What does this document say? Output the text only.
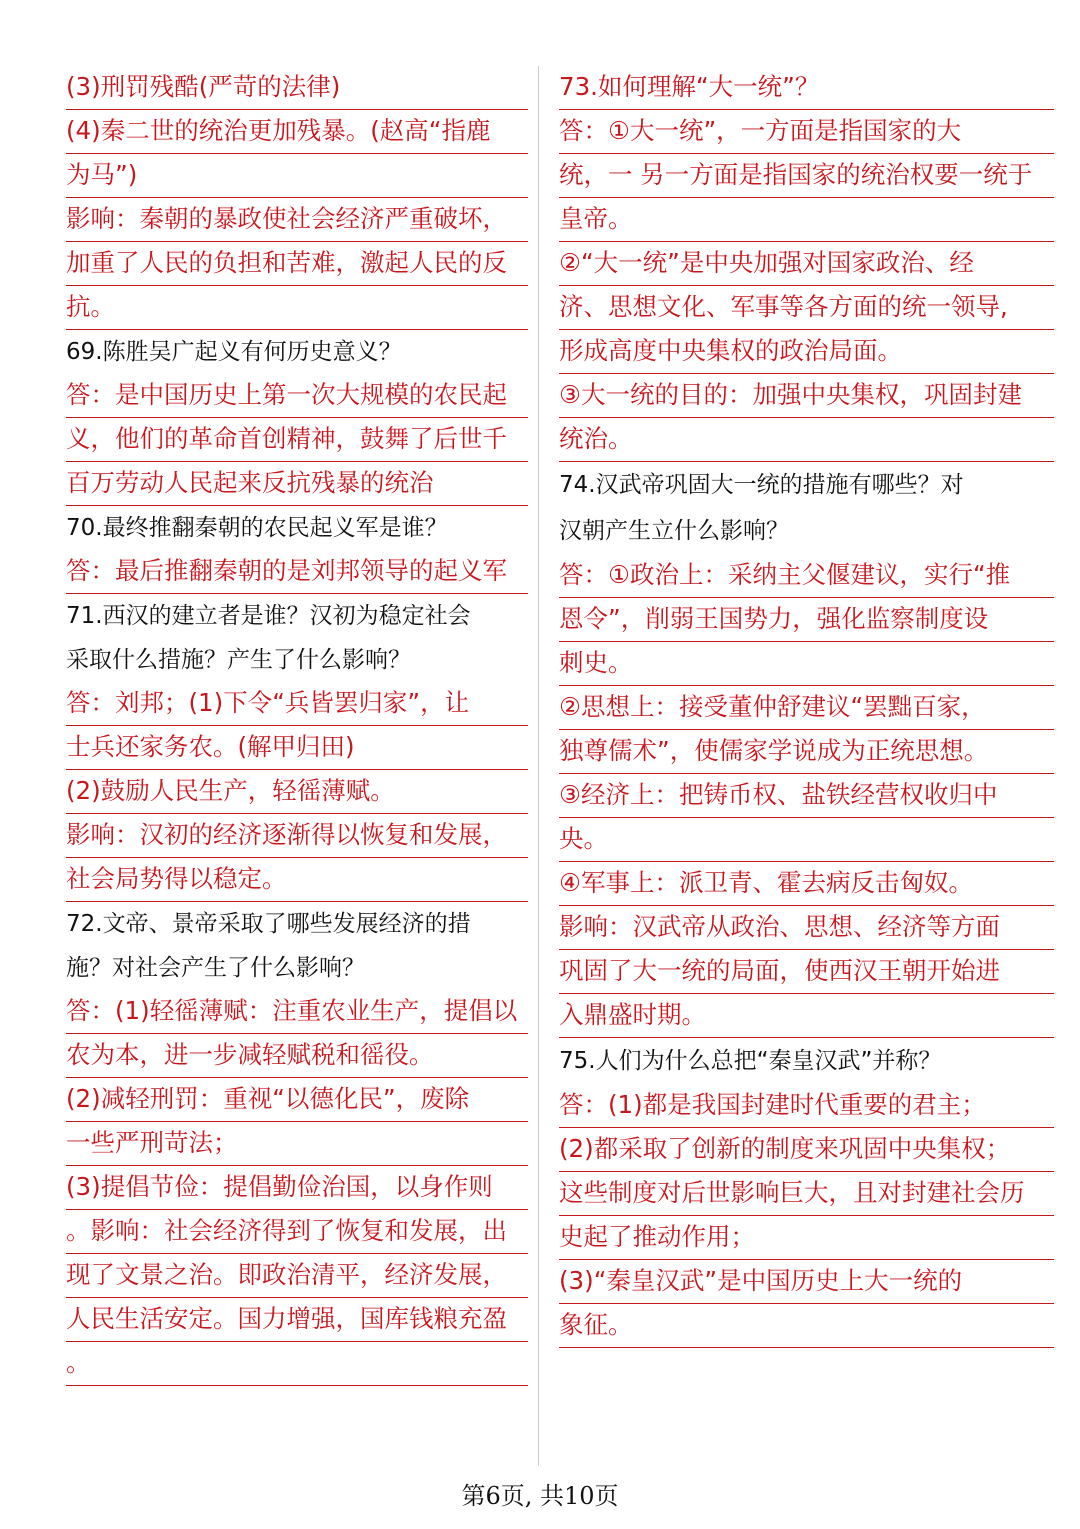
(3)刑罚残酷(严苛的法律)
(4)秦二世的统治更加残暴。(赵高“指鹿
为马”)
影响：秦朝的暴政使社会经济严重破坏，
加重了人民的负担和苦难，激起人民的反
抗。
69.陈胜吴广起义有何历史意义？
答：是中国历史上第一次大规模的农民起
义，他们的革命首创精神，鼓舞了后世千
百万劳动人民起来反抗残暴的统治
70.最终推翻秦朝的农民起义军是谁？
答：最后推翻秦朝的是刘邦领导的起义军
71.西汉的建立者是谁？汉初为稳定社会
采取什么措施？产生了什么影响？
答：刘邦；(1)下令“兵皆罢归家”，让
士兵还家务农。(解甲归田)
(2)鼓励人民生产，轻徭薄赋。
影响：汉初的经济逐渐得以恢复和发展，
社会局势得以稳定。
72.文帝、景帝采取了哪些发展经济的措
施？对社会产生了什么影响？
答：(1)轻徭薄赋：注重农业生产，提倡以
农为本，进一步减轻赋税和徭役。
(2)减轻刑罚：重视“以德化民”，废除
一些严刑苛法；
(3)提倡节俭：提倡勤俭治国，以身作则
。影响：社会经济得到了恢复和发展，出
现了文景之治。即政治清平，经济发展，
人民生活安定。国力增强，国库钱粮充盈
。
73.如何理解“大一统”？
答：①大一统”，一方面是指国家的大
统，一 另一方面是指国家的统治权要一统于
皇帝。
②“大一统”是中央加强对国家政治、经
济、思想文化、军事等各方面的统一领导,
形成高度中央集权的政治局面。
③大一统的目的：加强中央集权，巩固封建
统治。
74.汉武帝巩固大一统的措施有哪些？对
汉朝产生立什么影响？
答：①政治上：采纳主父偃建议，实行“推
恩令”，削弱王国势力，强化监察制度设
刺史。
②思想上：接受董仲舒建议“罢黜百家，
独尊儒术”，使儒家学说成为正统思想。
③经济上：把铸币权、盐铁经营权收归中
央。
④军事上：派卫青、霍去病反击匈奴。
影响：汉武帝从政治、思想、经济等方面
巩固了大一统的局面，使西汉王朝开始进
入鼎盛时期。
75.人们为什么总把“秦皇汉武”并称？
答：(1)都是我国封建时代重要的君主；
(2)都采取了创新的制度来巩固中央集权；
这些制度对后世影响巨大，且对封建社会历
史起了推动作用；
(3)“秦皇汉武”是中国历史上大一统的
象征。
第6页, 共10页
